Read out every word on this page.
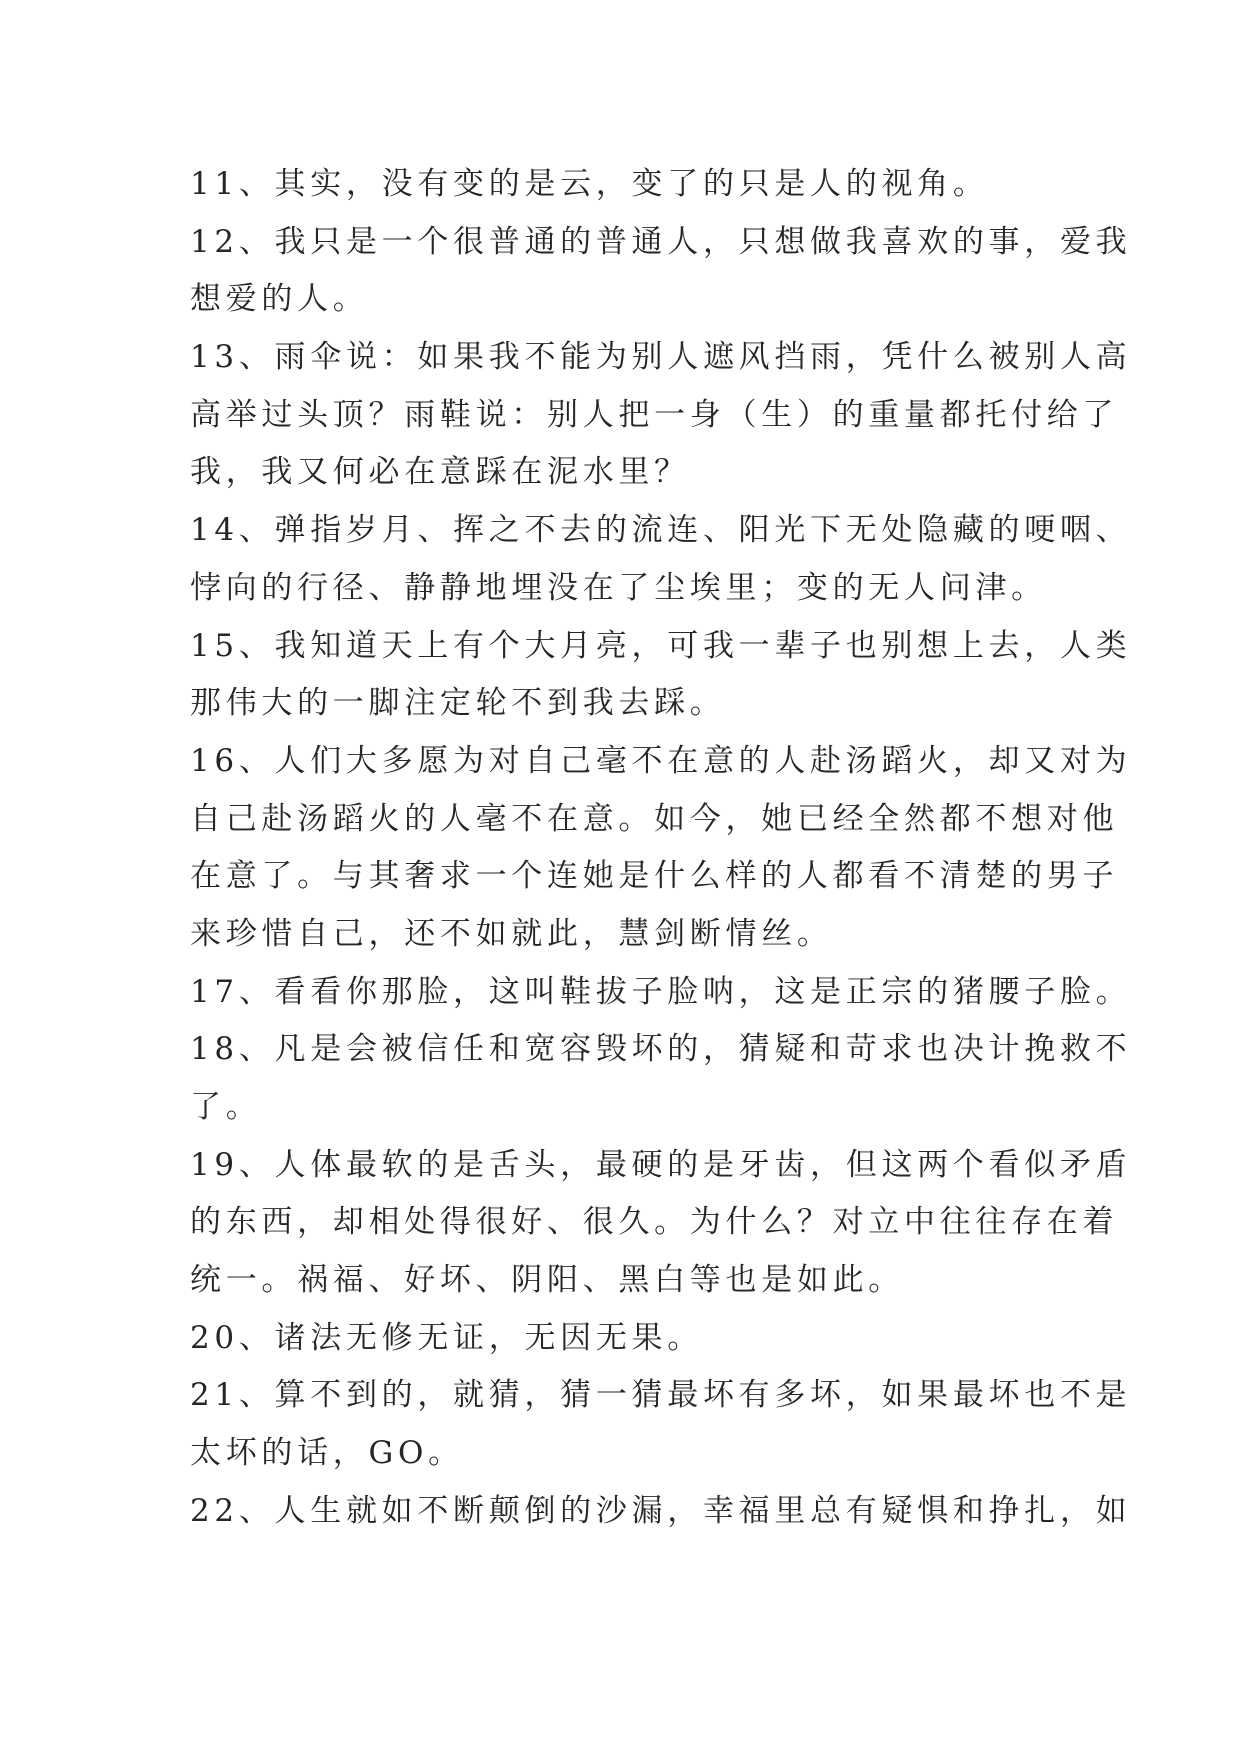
11、其实，没有变的是云，变了的只是人的视角。
12、我只是一个很普通的普通人，只想做我喜欢的事，爱我
想爱的人。
13、雨伞说：如果我不能为别人遮风挡雨，凭什么被别人高
高举过头顶？雨鞋说：别人把一身（生）的重量都托付给了
我，我又何必在意踩在泥水里？
14、弹指岁月、挥之不去的流连、阳光下无处隐藏的哽咽、
悖向的行径、静静地埋没在了尘埃里；变的无人问津。
15、我知道天上有个大月亮，可我一辈子也别想上去，人类
那伟大的一脚注定轮不到我去踩。
16、人们大多愿为对自己毫不在意的人赴汤蹈火，却又对为
自己赴汤蹈火的人毫不在意。如今，她已经全然都不想对他
在意了。与其奢求一个连她是什么样的人都看不清楚的男子
来珍惜自己，还不如就此，慧剑断情丝。
17、看看你那脸，这叫鞋拔子脸呐，这是正宗的猪腰子脸。
18、凡是会被信任和宽容毁坏的，猜疑和苛求也决计挽救不
了。
19、人体最软的是舌头，最硬的是牙齿，但这两个看似矛盾
的东西，却相处得很好、很久。为什么？对立中往往存在着
统一。祸福、好坏、阴阳、黑白等也是如此。
20、诸法无修无证，无因无果。
21、算不到的，就猜，猜一猜最坏有多坏，如果最坏也不是
太坏的话，GO。
22、人生就如不断颠倒的沙漏，幸福里总有疑惧和挣扎，如
